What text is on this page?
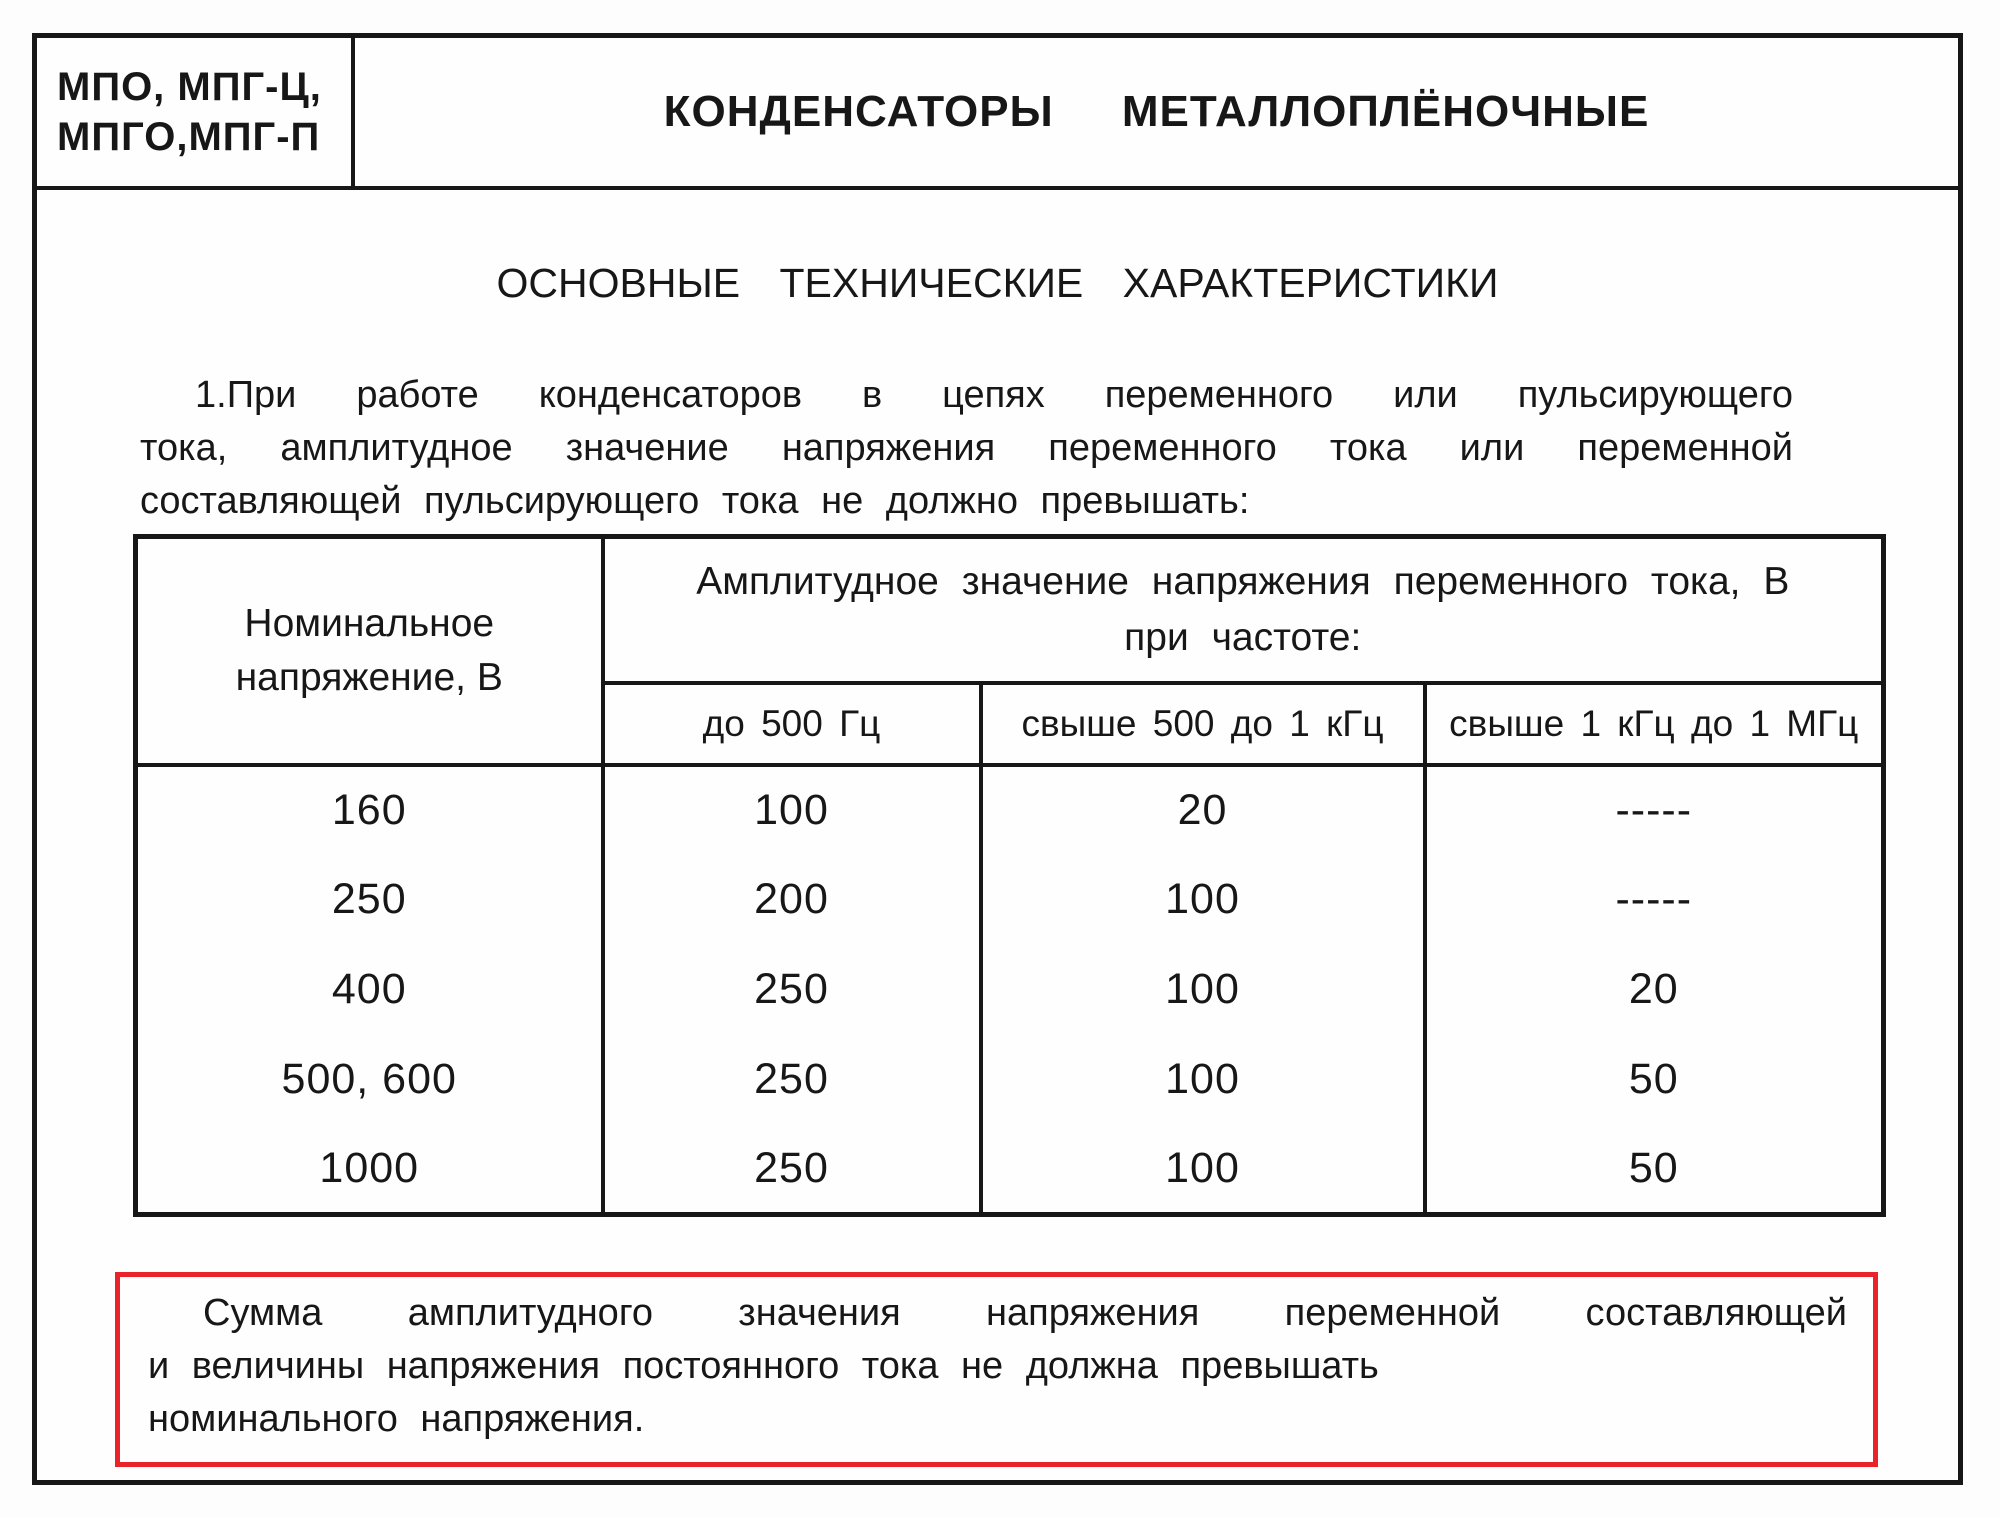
МПО, МПГ-Ц,
МПГО,МПГ-П
КОНДЕНСАТОРЫ МЕТАЛЛОПЛЁНОЧНЫЕ
ОСНОВНЫЕ ТЕХНИЧЕСКИЕ ХАРАКТЕРИСТИКИ
1.При работе конденсаторов в цепях переменного или пульсирующего
тока, амплитудное значение напряжения переменного тока или переменной
составляющей пульсирующего тока не должно превышать:
Номинальное
напряжение, В

Амплитудное значение напряжения переменного тока, В
при частоте:

	до 500 Гц	свыше 500 до 1 кГц	свыше 1 кГц до 1 МГц
160	100	20	-----
250	200	100	-----
400	250	100	20
500, 600	250	100	50
1000	250	100	50
Сумма амплитудного значения напряжения переменной составляющей
и величины напряжения постоянного тока не должна превышать
номинального напряжения.
